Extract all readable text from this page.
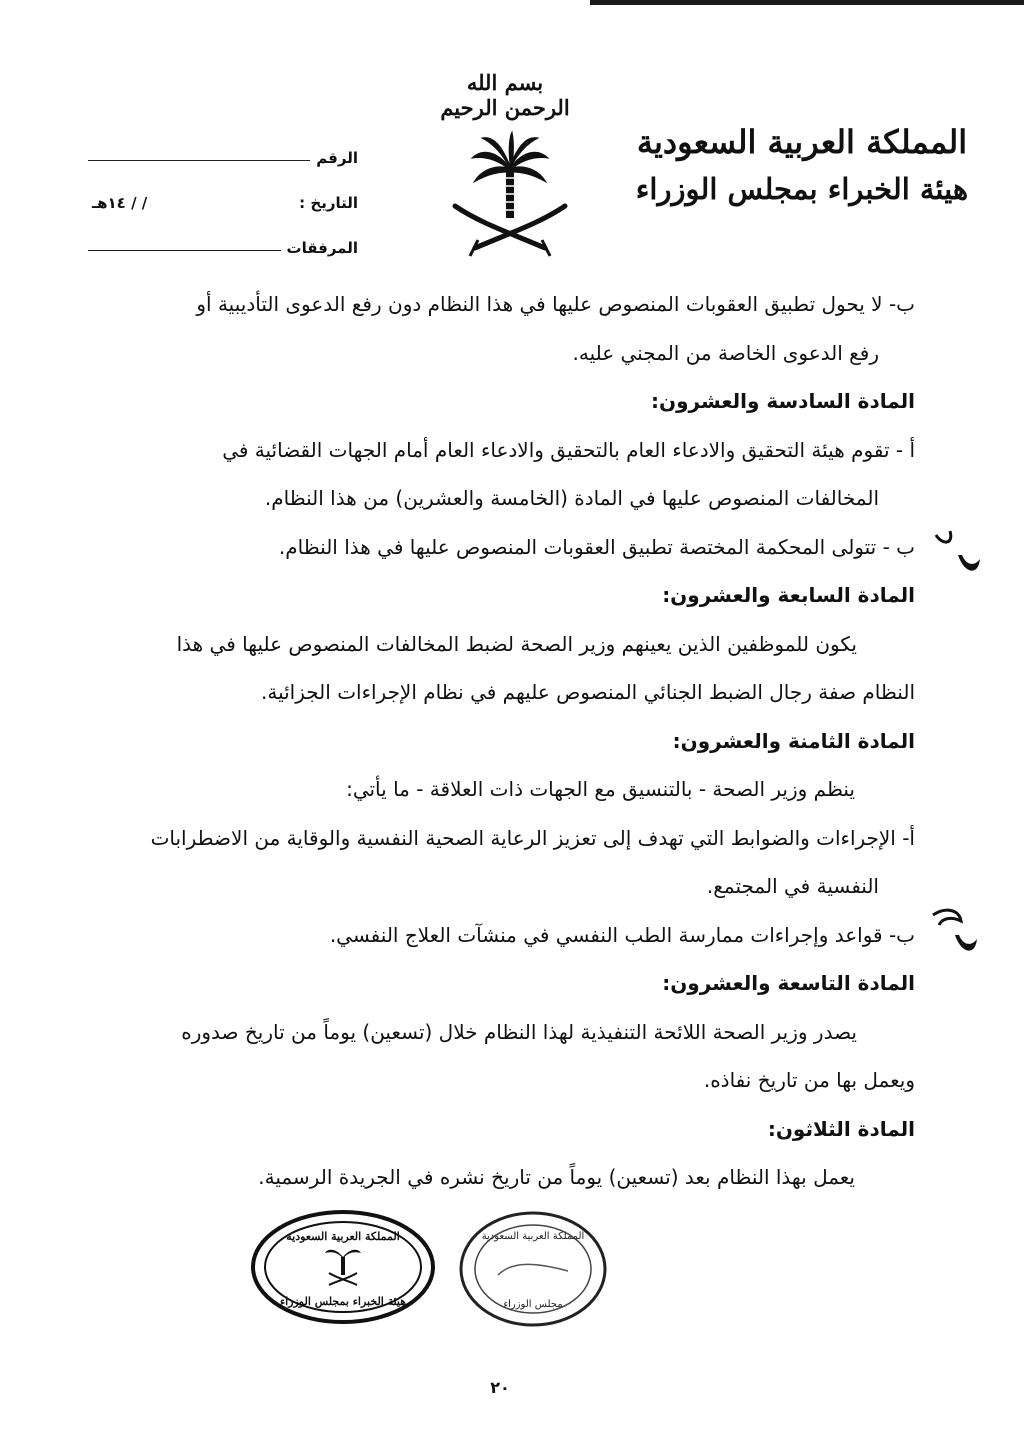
بسم الله الرحمن الرحيم
المملكة العربية السعودية
هيئة الخبراء بمجلس الوزراء
الرقم
التاريخ :
/ / ١٤هـ
المرفقات

ب- لا يحول تطبيق العقوبات المنصوص عليها في هذا النظام دون رفع الدعوى التأديبية أو

رفع الدعوى الخاصة من المجني عليه.

المادة السادسة والعشرون:

أ - تقوم هيئة التحقيق والادعاء العام بالتحقيق والادعاء العام أمام الجهات القضائية في

المخالفات المنصوص عليها في المادة (الخامسة والعشرين) من هذا النظام.

ب - تتولى المحكمة المختصة تطبيق العقوبات المنصوص عليها في هذا النظام.

المادة السابعة والعشرون:

يكون للموظفين الذين يعينهم وزير الصحة لضبط المخالفات المنصوص عليها في هذا

النظام صفة رجال الضبط الجنائي المنصوص عليهم في نظام الإجراءات الجزائية.

المادة الثامنة والعشرون:

ينظم وزير الصحة - بالتنسيق مع الجهات ذات العلاقة - ما يأتي:

أ- الإجراءات والضوابط التي تهدف إلى تعزيز الرعاية الصحية النفسية والوقاية من الاضطرابات

النفسية في المجتمع.

ب- قواعد وإجراءات ممارسة الطب النفسي في منشآت العلاج النفسي.

المادة التاسعة والعشرون:

يصدر وزير الصحة اللائحة التنفيذية لهذا النظام خلال (تسعين) يوماً من تاريخ صدوره

ويعمل بها من تاريخ نفاذه.

المادة الثلاثون:

يعمل بهذا النظام بعد (تسعين) يوماً من تاريخ نشره في الجريدة الرسمية.

المملكة العربية السعودية
هيئة الخبراء بمجلس الوزراء
المملكة العربية السعودية
مجلس الوزراء
٢٠
